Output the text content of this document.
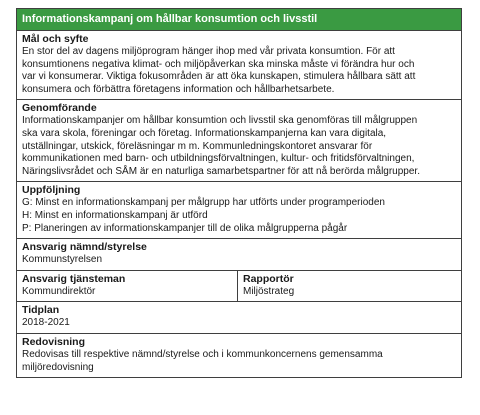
Informationskampanj om hållbar konsumtion och livsstil
Mål och syfte
En stor del av dagens miljöprogram hänger ihop med vår privata konsumtion. För att
konsumtionens negativa klimat- och miljöpåverkan ska minska måste vi förändra hur och
var vi konsumerar. Viktiga fokusområden är att öka kunskapen, stimulera hållbara sätt att
konsumera och förbättra företagens information och hållbarhetsarbete.
Genomförande
Informationskampanjer om hållbar konsumtion och livsstil ska genomföras till målgruppen
ska vara skola, föreningar och företag. Informationskampanjerna kan vara digitala,
utställningar, utskick, föreläsningar m m. Kommunledningskontoret ansvarar för
kommunikationen med barn- och utbildningsförvaltningen, kultur- och fritidsförvaltningen,
Näringslivsrådet och SÅM är en naturliga samarbetspartner för att nå berörda målgrupper.
Uppföljning
G: Minst en informationskampanj per målgrupp har utförts under programperioden
H: Minst en informationskampanj är utförd
P: Planeringen av informationskampanjer till de olika målgrupperna pågår
Ansvarig nämnd/styrelse
Kommunstyrelsen
Ansvarig tjänsteman
Kommundirektör
Rapportör
Miljöstrateg
Tidplan
2018-2021
Redovisning
Redovisas till respektive nämnd/styrelse och i kommunkoncernens gemensamma
miljöredovisning
